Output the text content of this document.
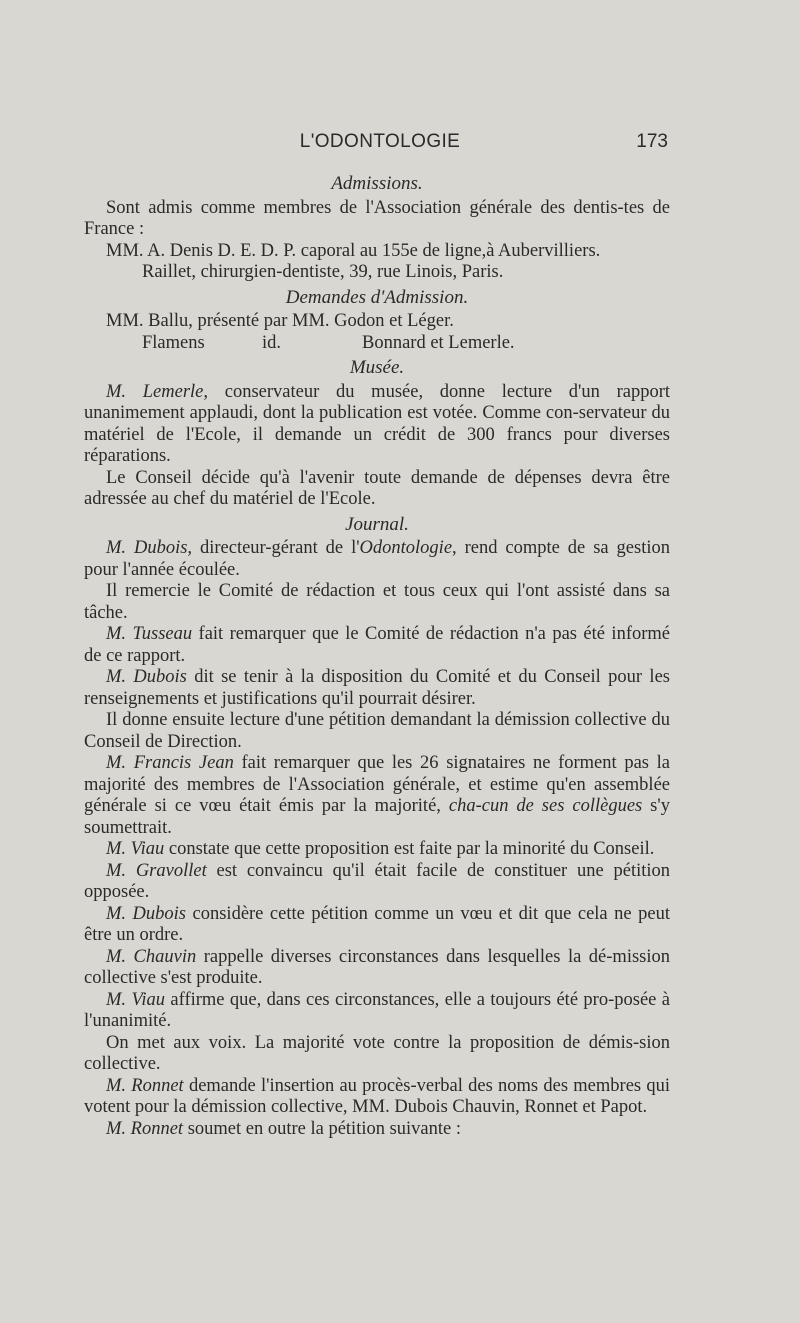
L'ODONTOLOGIE	173
Admissions.

Sont admis comme membres de l'Association générale des dentis-tes de France :

MM. A. Denis D. E. D. P. caporal au 155e de ligne,à Aubervilliers.
Raillet, chirurgien-dentiste, 39, rue Linois, Paris.
Demandes d'Admission.
MM. Ballu, présenté par MM. Godon et Léger.
Flamens	id.	Bonnard et Lemerle.
Musée.

M. Lemerle, conservateur du musée, donne lecture d'un rapport unanimement applaudi, dont la publication est votée. Comme con-servateur du matériel de l'Ecole, il demande un crédit de 300 francs pour diverses réparations.

Le Conseil décide qu'à l'avenir toute demande de dépenses devra être adressée au chef du matériel de l'Ecole.

Journal.

M. Dubois, directeur-gérant de l'Odontologie, rend compte de sa gestion pour l'année écoulée.

Il remercie le Comité de rédaction et tous ceux qui l'ont assisté dans sa tâche.

M. Tusseau fait remarquer que le Comité de rédaction n'a pas été informé de ce rapport.

M. Dubois dit se tenir à la disposition du Comité et du Conseil pour les renseignements et justifications qu'il pourrait désirer.

Il donne ensuite lecture d'une pétition demandant la démission collective du Conseil de Direction.

M. Francis Jean fait remarquer que les 26 signataires ne forment pas la majorité des membres de l'Association générale, et estime qu'en assemblée générale si ce vœu était émis par la majorité, cha-cun de ses collègues s'y soumettrait.

M. Viau constate que cette proposition est faite par la minorité du Conseil.

M. Gravollet est convaincu qu'il était facile de constituer une pétition opposée.

M. Dubois considère cette pétition comme un vœu et dit que cela ne peut être un ordre.

M. Chauvin rappelle diverses circonstances dans lesquelles la dé-mission collective s'est produite.

M. Viau affirme que, dans ces circonstances, elle a toujours été pro-posée à l'unanimité.

On met aux voix. La majorité vote contre la proposition de démis-sion collective.

M. Ronnet demande l'insertion au procès-verbal des noms des membres qui votent pour la démission collective, MM. Dubois Chauvin, Ronnet et Papot.

M. Ronnet soumet en outre la pétition suivante :
